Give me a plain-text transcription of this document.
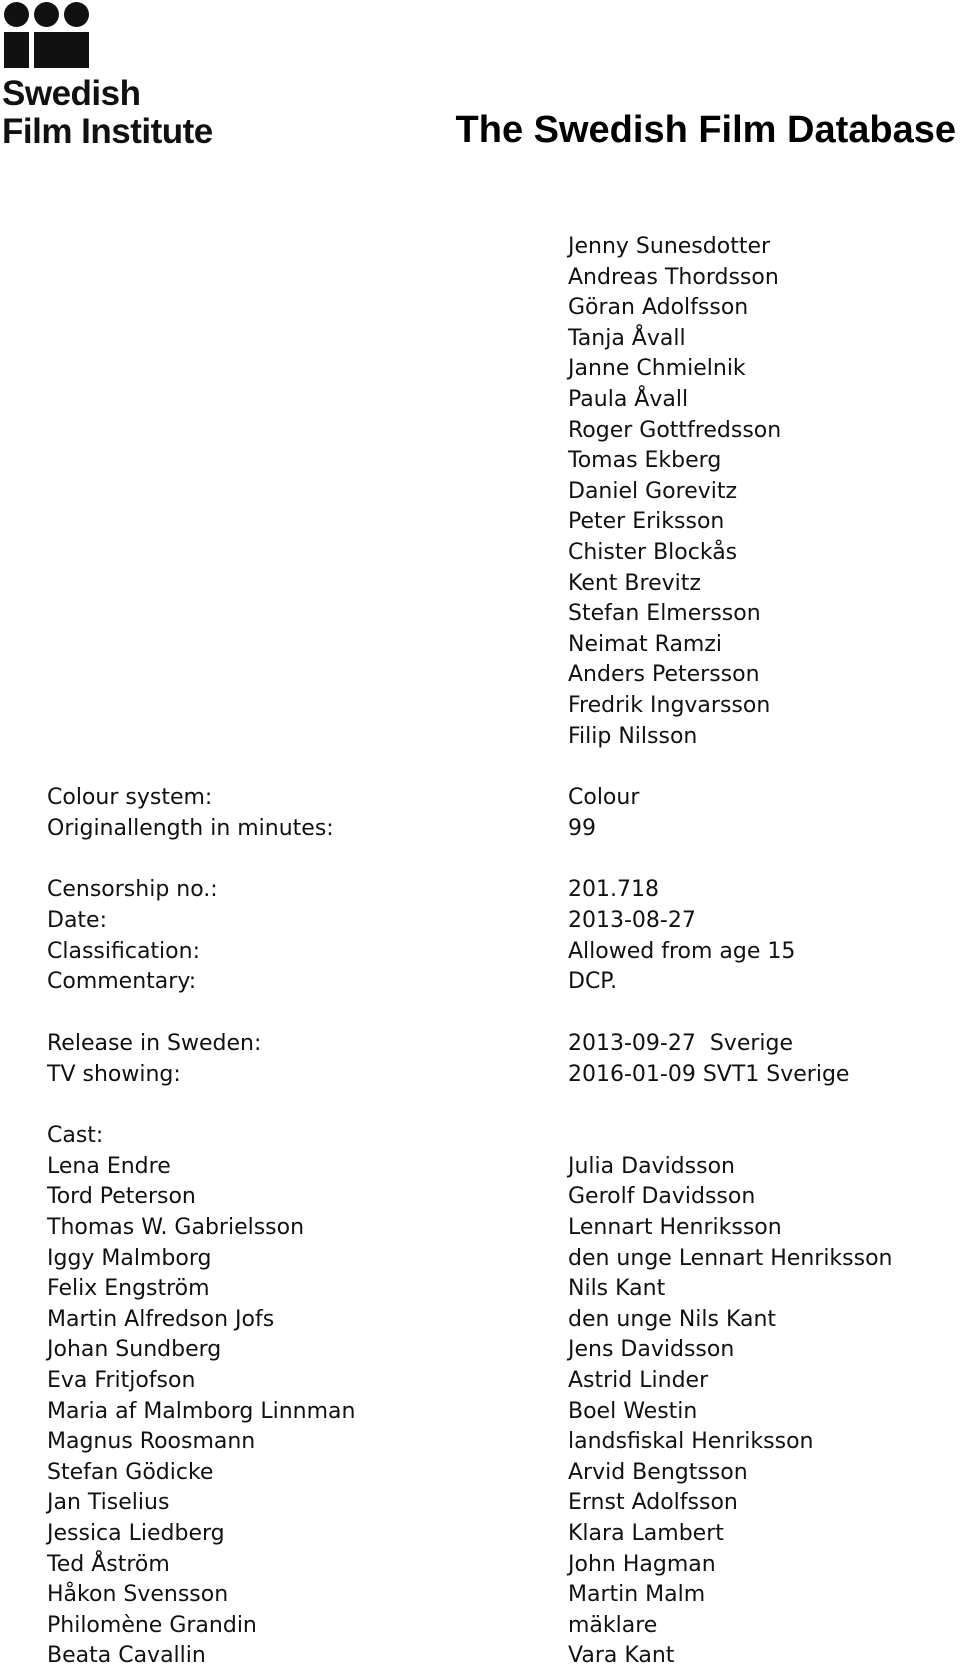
Swedish
Film Institute	The Swedish Film Database
Jenny Sunesdotter
Andreas Thordsson
Göran Adolfsson
Tanja Åvall
Janne Chmielnik
Paula Åvall
Roger Gottfredsson
Tomas Ekberg
Daniel Gorevitz
Peter Eriksson
Chister Blockås
Kent Brevitz
Stefan Elmersson
Neimat Ramzi
Anders Petersson
Fredrik Ingvarsson
Filip Nilsson
Colour system:	Colour
Originallength in minutes:	99
Censorship no.:	201.718
Date:	2013-08-27
Classification:	Allowed from age 15
Commentary:	DCP.
Release in Sweden:	2013-09-27  Sverige
TV showing:	2016-01-09 SVT1 Sverige
Cast:
Lena Endre	Julia Davidsson
Tord Peterson	Gerolf Davidsson
Thomas W. Gabrielsson	Lennart Henriksson
Iggy Malmborg	den unge Lennart Henriksson
Felix Engström	Nils Kant
Martin Alfredson Jofs	den unge Nils Kant
Johan Sundberg	Jens Davidsson
Eva Fritjofson	Astrid Linder
Maria af Malmborg Linnman	Boel Westin
Magnus Roosmann	landsfiskal Henriksson
Stefan Gödicke	Arvid Bengtsson
Jan Tiselius	Ernst Adolfsson
Jessica Liedberg	Klara Lambert
Ted Åström	John Hagman
Håkon Svensson	Martin Malm
Philomène Grandin	mäklare
Beata Cavallin	Vara Kant
